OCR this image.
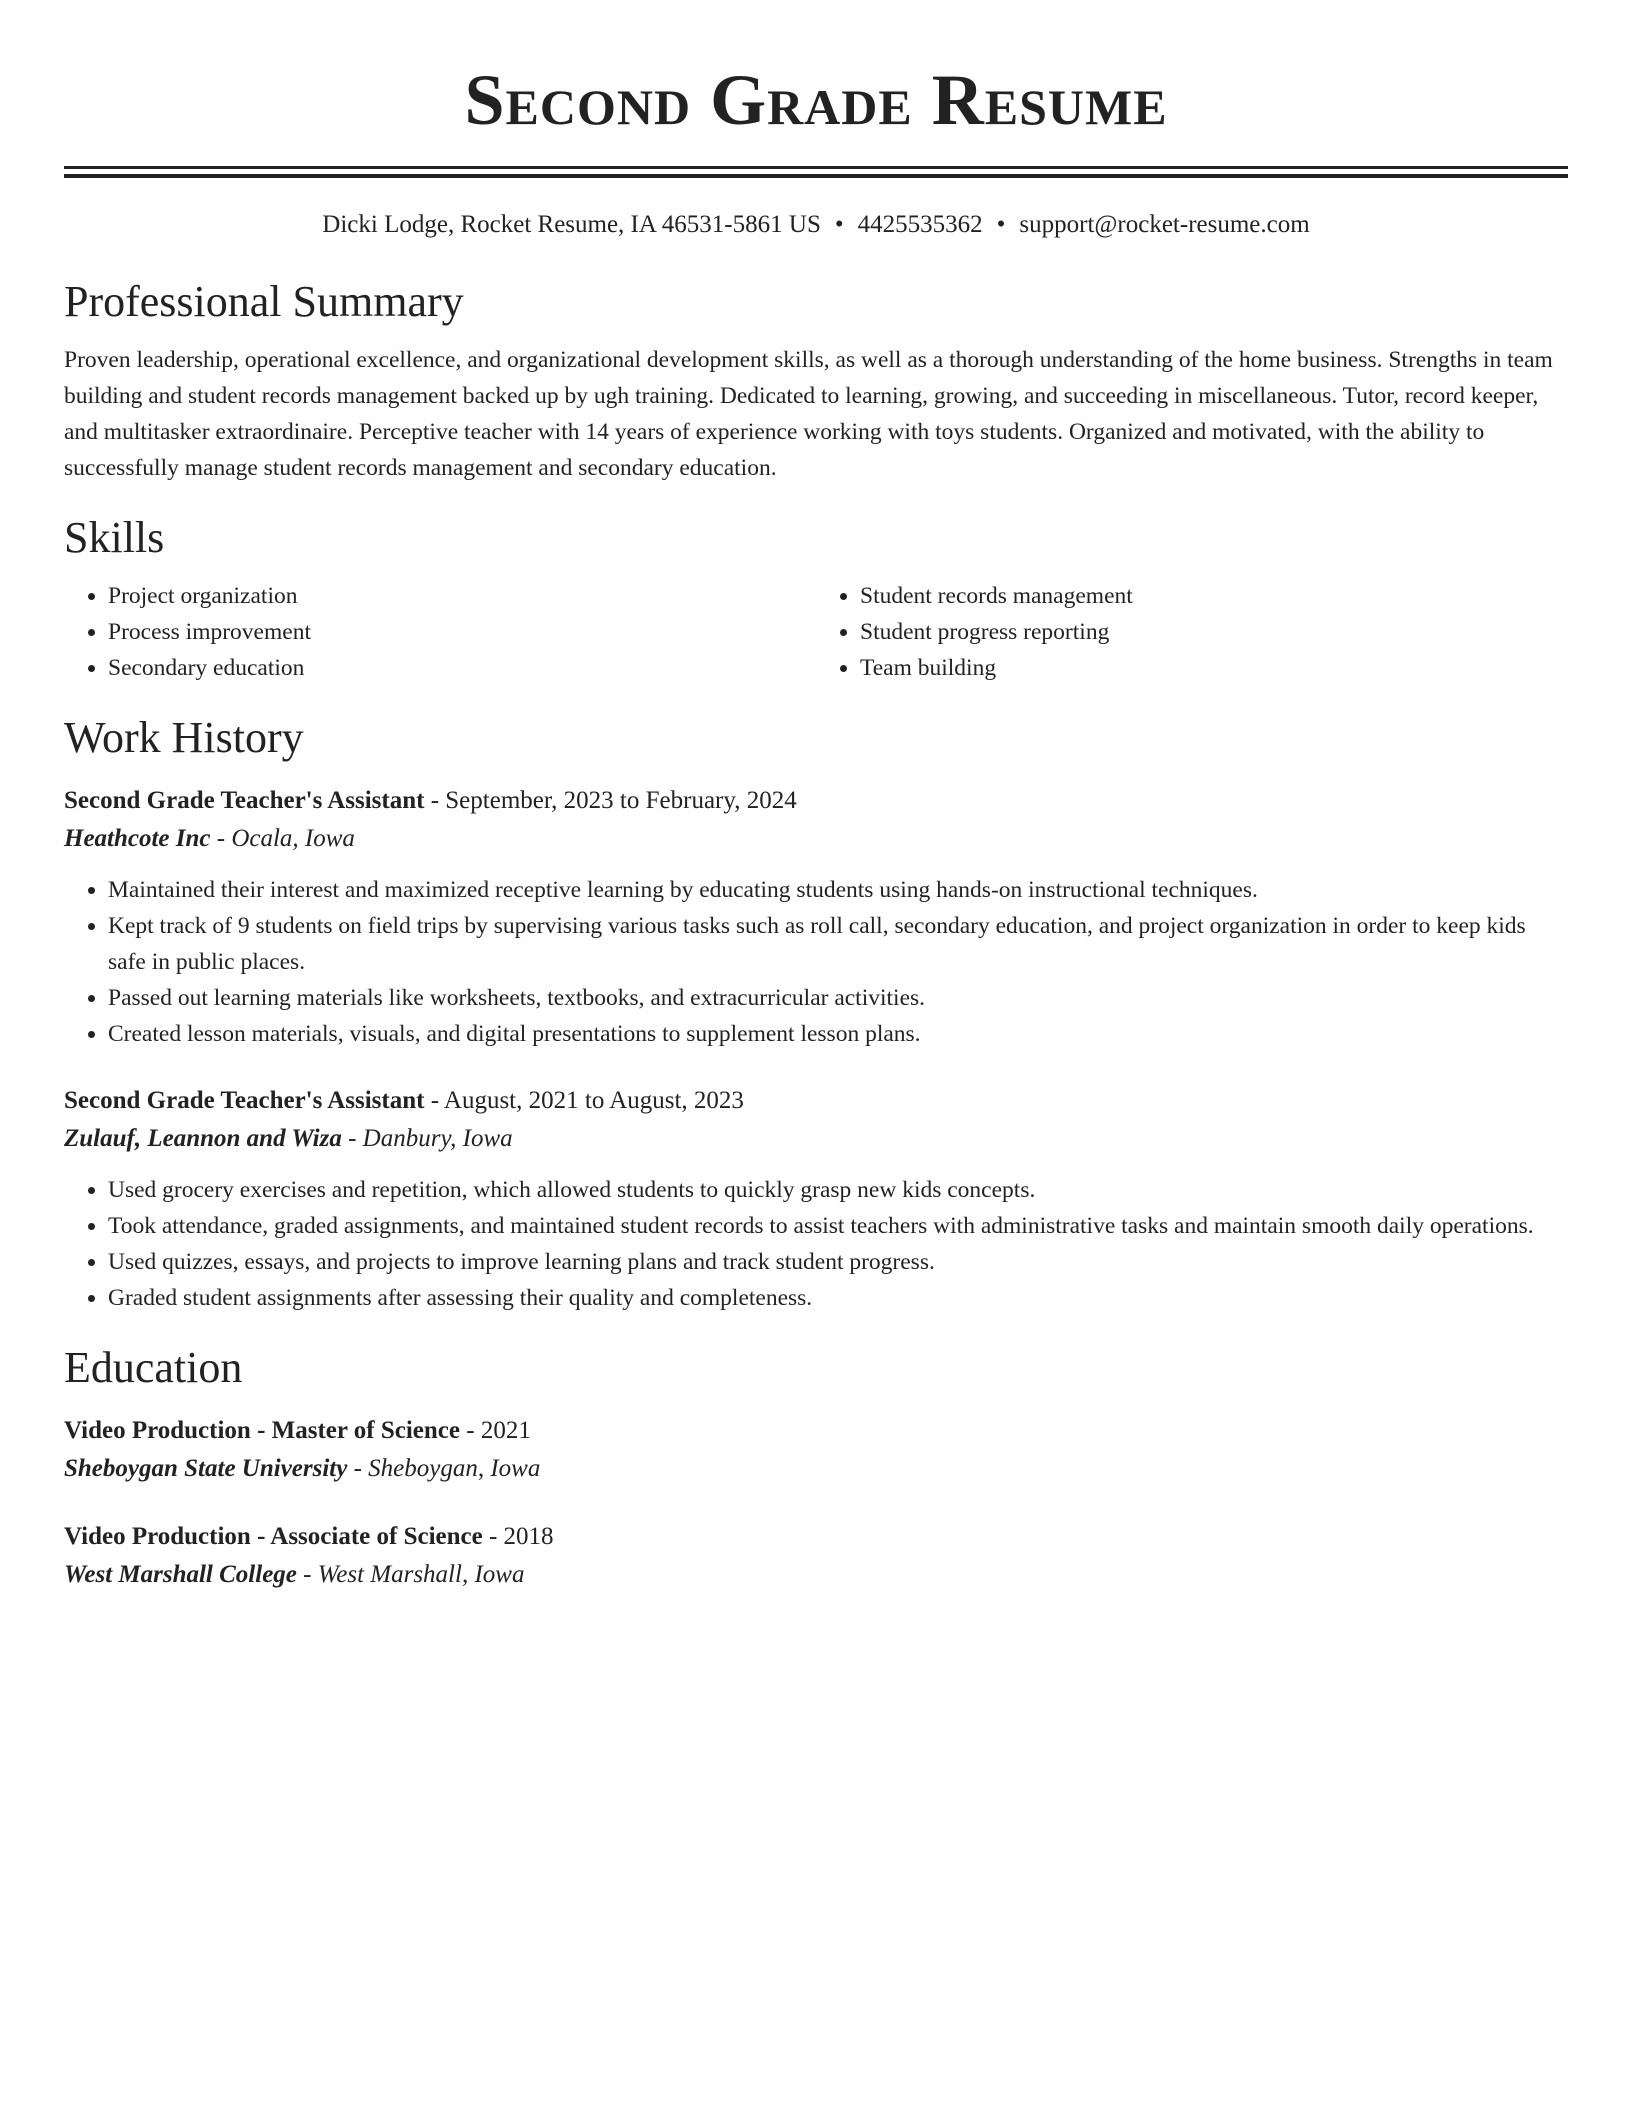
Second Grade Resume
Dicki Lodge, Rocket Resume, IA 46531-5861 US • 4425535362 • support@rocket-resume.com
Professional Summary

Proven leadership, operational excellence, and organizational development skills, as well as a thorough understanding of the home business. Strengths in team building and student records management backed up by ugh training. Dedicated to learning, growing, and succeeding in miscellaneous. Tutor, record keeper, and multitasker extraordinaire. Perceptive teacher with 14 years of experience working with toys students. Organized and motivated, with the ability to successfully manage student records management and secondary education.

Skills
• Project organization
• Process improvement
• Secondary education
• Student records management
• Student progress reporting
• Team building
Work History
Second Grade Teacher's Assistant - September, 2023 to February, 2024
Heathcote Inc - Ocala, Iowa
• Maintained their interest and maximized receptive learning by educating students using hands-on instructional techniques.
• Kept track of 9 students on field trips by supervising various tasks such as roll call, secondary education, and project organization in order to keep kids safe in public places.
• Passed out learning materials like worksheets, textbooks, and extracurricular activities.
• Created lesson materials, visuals, and digital presentations to supplement lesson plans.
Second Grade Teacher's Assistant - August, 2021 to August, 2023
Zulauf, Leannon and Wiza - Danbury, Iowa
• Used grocery exercises and repetition, which allowed students to quickly grasp new kids concepts.
• Took attendance, graded assignments, and maintained student records to assist teachers with administrative tasks and maintain smooth daily operations.
• Used quizzes, essays, and projects to improve learning plans and track student progress.
• Graded student assignments after assessing their quality and completeness.
Education
Video Production - Master of Science - 2021
Sheboygan State University - Sheboygan, Iowa
Video Production - Associate of Science - 2018
West Marshall College - West Marshall, Iowa
